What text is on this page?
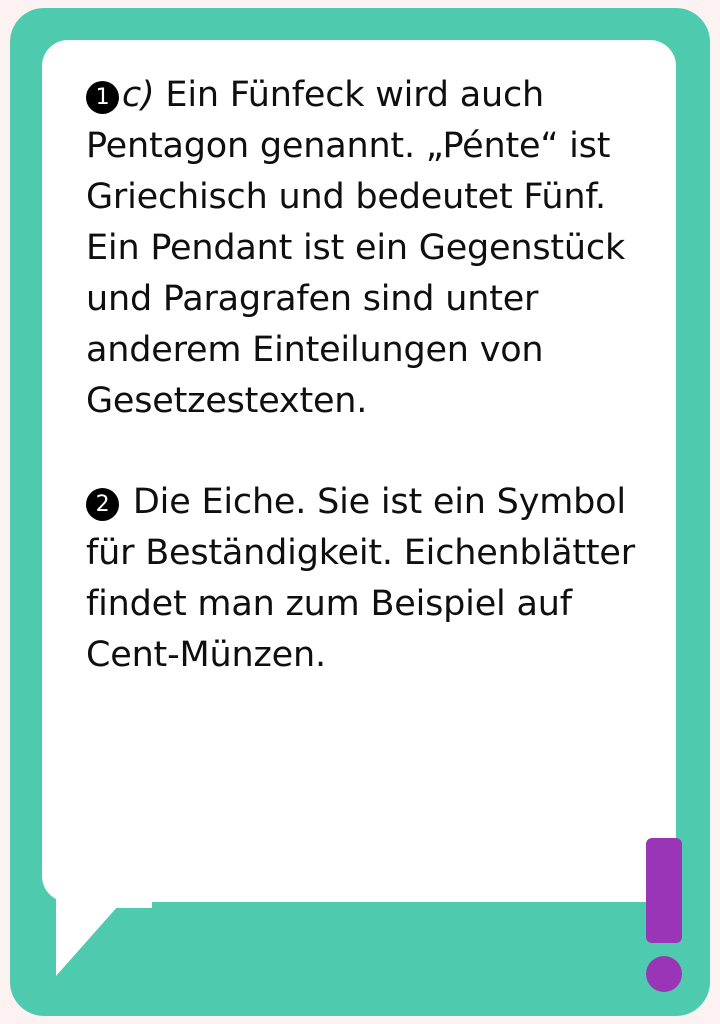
1 c) Ein Fünfeck wird auch Pentagon genannt. „Pénte“ ist Griechisch und bedeutet Fünf. Ein Pendant ist ein Gegenstück und Paragrafen sind unter anderem Einteilungen von Gesetzestexten.

2 Die Eiche. Sie ist ein Symbol für Beständigkeit. Eichenblätter findet man zum Beispiel auf Cent-Münzen.
